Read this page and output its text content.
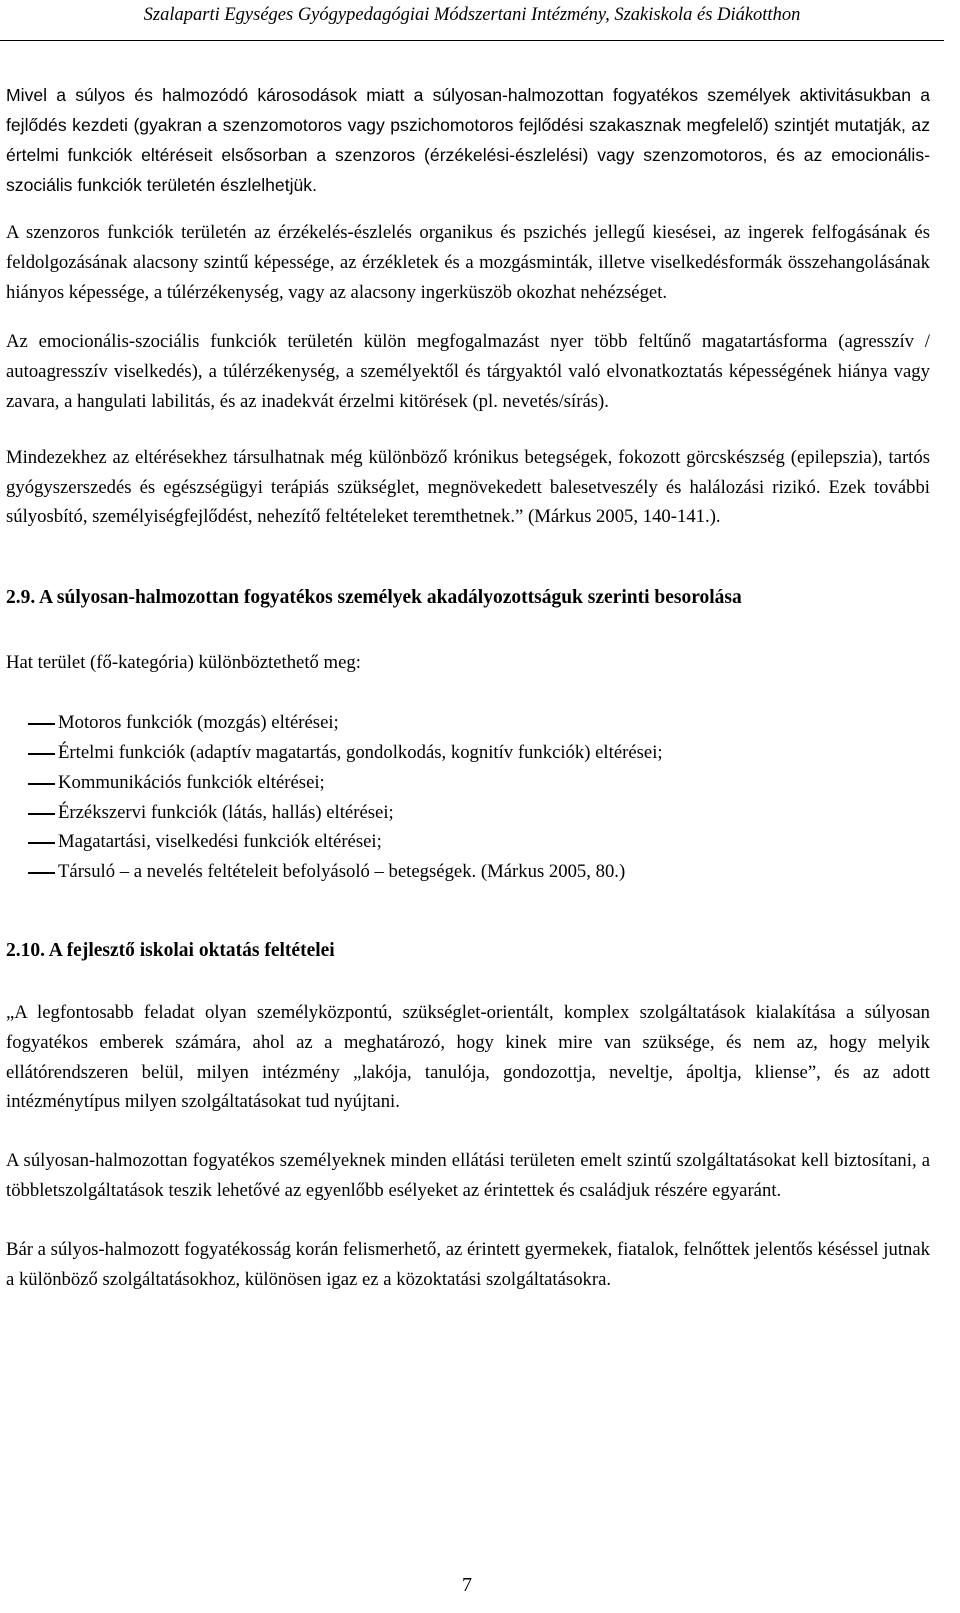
Szalaparti Egységes Gyógypedagógiai Módszertani Intézmény, Szakiskola és Diákotthon

Mivel a súlyos és halmozódó károsodások miatt a súlyosan-halmozottan fogyatékos személyek aktivitásukban a fejlődés kezdeti (gyakran a szenzomotoros vagy pszichomotoros fejlődési szakasznak megfelelő) szintjét mutatják, az értelmi funkciók eltéréseit elsősorban a szenzoros (érzékelési-észlelési) vagy szenzomotoros, és az emocionális-szociális funkciók területén észlelhetjük.

A szenzoros funkciók területén az érzékelés-észlelés organikus és pszichés jellegű kiesései, az ingerek felfogásának és feldolgozásának alacsony szintű képessége, az érzékletek és a mozgásminták, illetve viselkedésformák összehangolásának hiányos képessége, a túlérzékenység, vagy az alacsony ingerküszöb okozhat nehézséget.

Az emocionális-szociális funkciók területén külön megfogalmazást nyer több feltűnő magatartásforma (agresszív / autoagresszív viselkedés), a túlérzékenység, a személyektől és tárgyaktól való elvonatkoztatás képességének hiánya vagy zavara, a hangulati labilitás, és az inadekvát érzelmi kitörések (pl. nevetés/sírás).

Mindezekhez az eltérésekhez társulhatnak még különböző krónikus betegségek, fokozott görcskészség (epilepszia), tartós gyógyszerszedés és egészségügyi terápiás szükséglet, megnövekedett balesetveszély és halálozási rizikó. Ezek további súlyosbító, személyiségfejlődést, nehezítő feltételeket teremthetnek.” (Márkus 2005, 140-141.).

2.9. A súlyosan-halmozottan fogyatékos személyek akadályozottságuk szerinti besorolása

Hat terület (fő-kategória) különböztethető meg:

Motoros funkciók (mozgás) eltérései;
Értelmi funkciók (adaptív magatartás, gondolkodás, kognitív funkciók) eltérései;
Kommunikációs funkciók eltérései;
Érzékszervi funkciók (látás, hallás) eltérései;
Magatartási, viselkedési funkciók eltérései;
Társuló – a nevelés feltételeit befolyásoló – betegségek. (Márkus 2005, 80.)
2.10. A fejlesztő iskolai oktatás feltételei

„A legfontosabb feladat olyan személyközpontú, szükséglet-orientált, komplex szolgáltatások kialakítása a súlyosan fogyatékos emberek számára, ahol az a meghatározó, hogy kinek mire van szüksége, és nem az, hogy melyik ellátórendszeren belül, milyen intézmény „lakója, tanulója, gondozottja, neveltje, ápoltja, kliense”, és az adott intézménytípus milyen szolgáltatásokat tud nyújtani.

A súlyosan-halmozottan fogyatékos személyeknek minden ellátási területen emelt szintű szolgáltatásokat kell biztosítani, a többletszolgáltatások teszik lehetővé az egyenlőbb esélyeket az érintettek és családjuk részére egyaránt.

Bár a súlyos-halmozott fogyatékosság korán felismerhető, az érintett gyermekek, fiatalok, felnőttek jelentős késéssel jutnak a különböző szolgáltatásokhoz, különösen igaz ez a közoktatási szolgáltatásokra.

7
